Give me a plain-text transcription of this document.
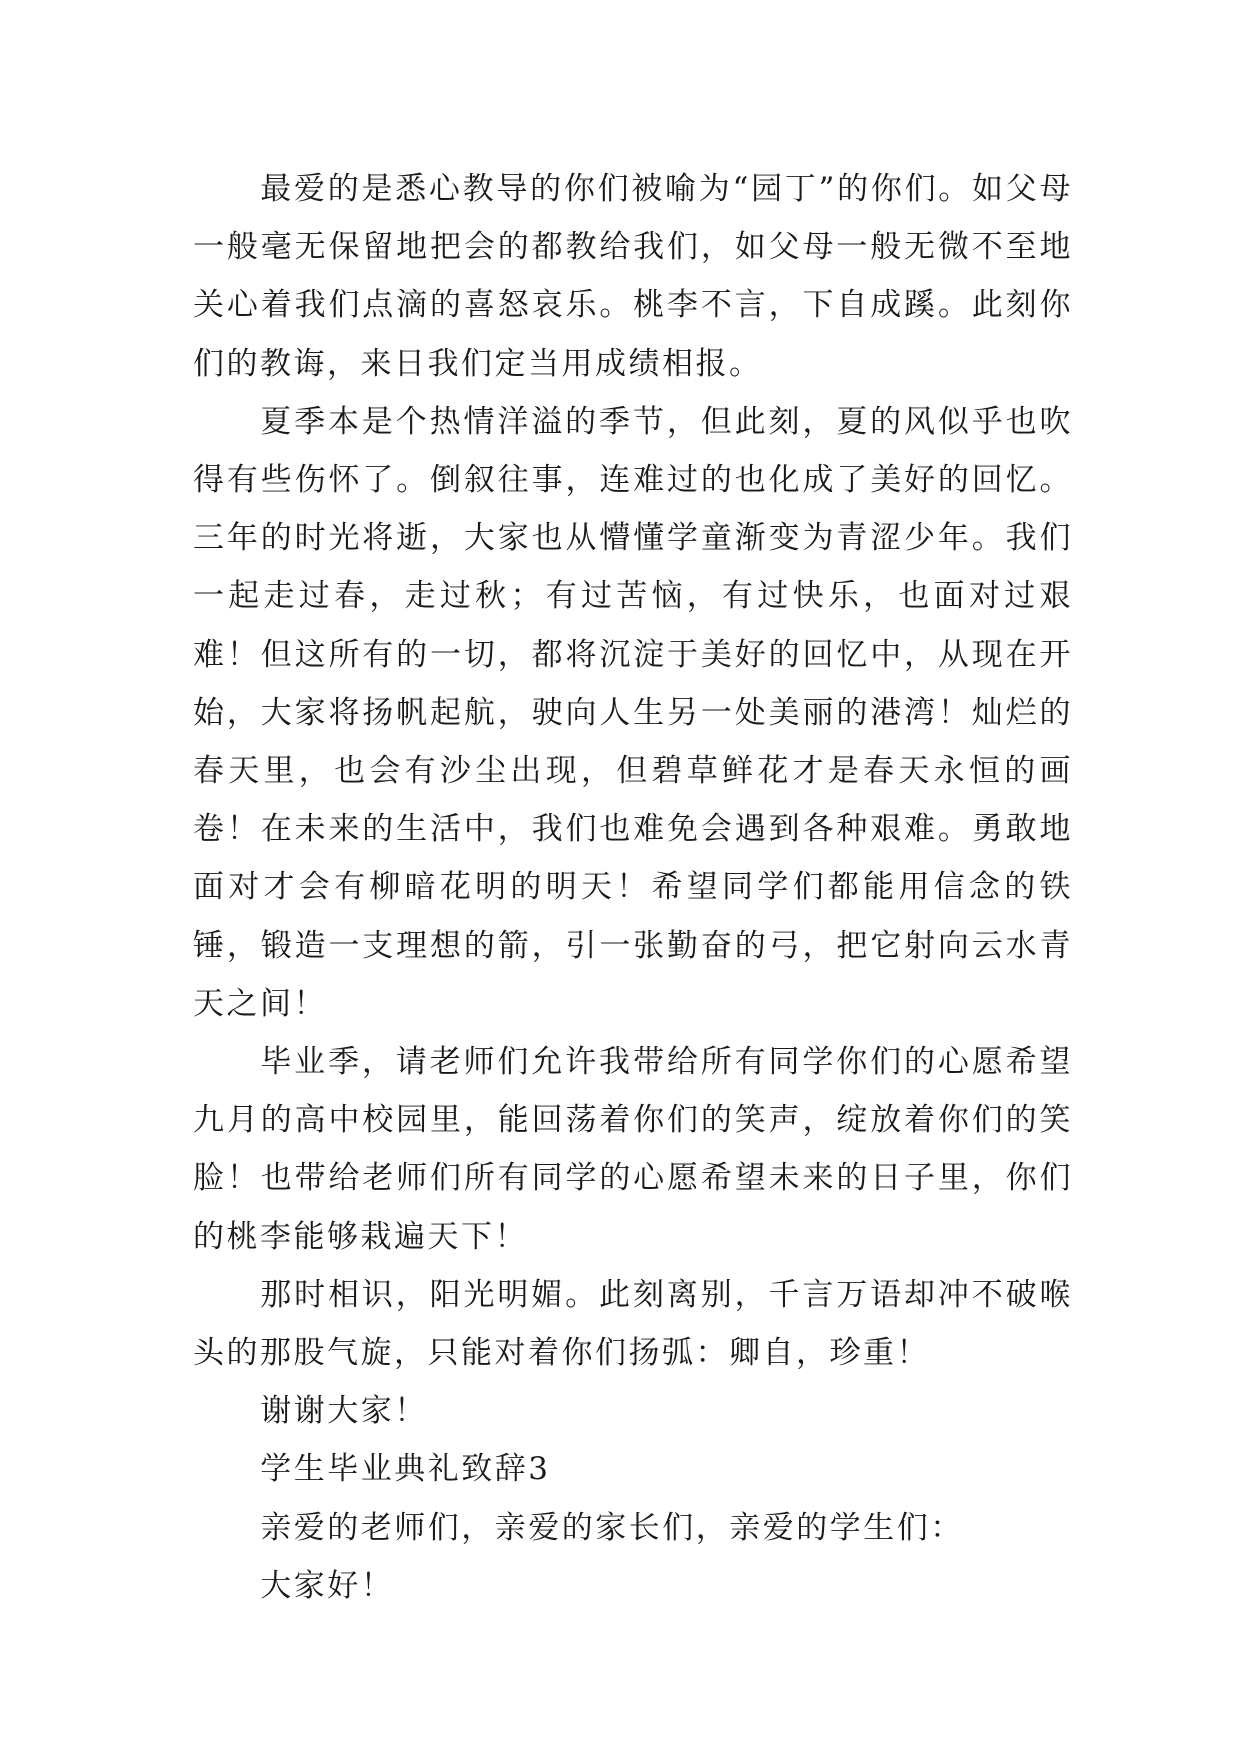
最爱的是悉心教导的你们被喻为“园丁”的你们。如父母一般毫无保留地把会的都教给我们，如父母一般无微不至地关心着我们点滴的喜怒哀乐。桃李不言，下自成蹊。此刻你们的教诲，来日我们定当用成绩相报。

夏季本是个热情洋溢的季节，但此刻，夏的风似乎也吹得有些伤怀了。倒叙往事，连难过的也化成了美好的回忆。三年的时光将逝，大家也从懵懂学童渐变为青涩少年。我们一起走过春，走过秋；有过苦恼，有过快乐，也面对过艰难！但这所有的一切，都将沉淀于美好的回忆中，从现在开始，大家将扬帆起航，驶向人生另一处美丽的港湾！灿烂的春天里，也会有沙尘出现，但碧草鲜花才是春天永恒的画卷！在未来的生活中，我们也难免会遇到各种艰难。勇敢地面对才会有柳暗花明的明天！希望同学们都能用信念的铁锤，锻造一支理想的箭，引一张勤奋的弓，把它射向云水青天之间！

毕业季，请老师们允许我带给所有同学你们的心愿希望九月的高中校园里，能回荡着你们的笑声，绽放着你们的笑脸！也带给老师们所有同学的心愿希望未来的日子里，你们的桃李能够栽遍天下！

那时相识，阳光明媚。此刻离别，千言万语却冲不破喉头的那股气旋，只能对着你们扬弧：卿自，珍重！

谢谢大家！

学生毕业典礼致辞3

亲爱的老师们，亲爱的家长们，亲爱的学生们：

大家好！
